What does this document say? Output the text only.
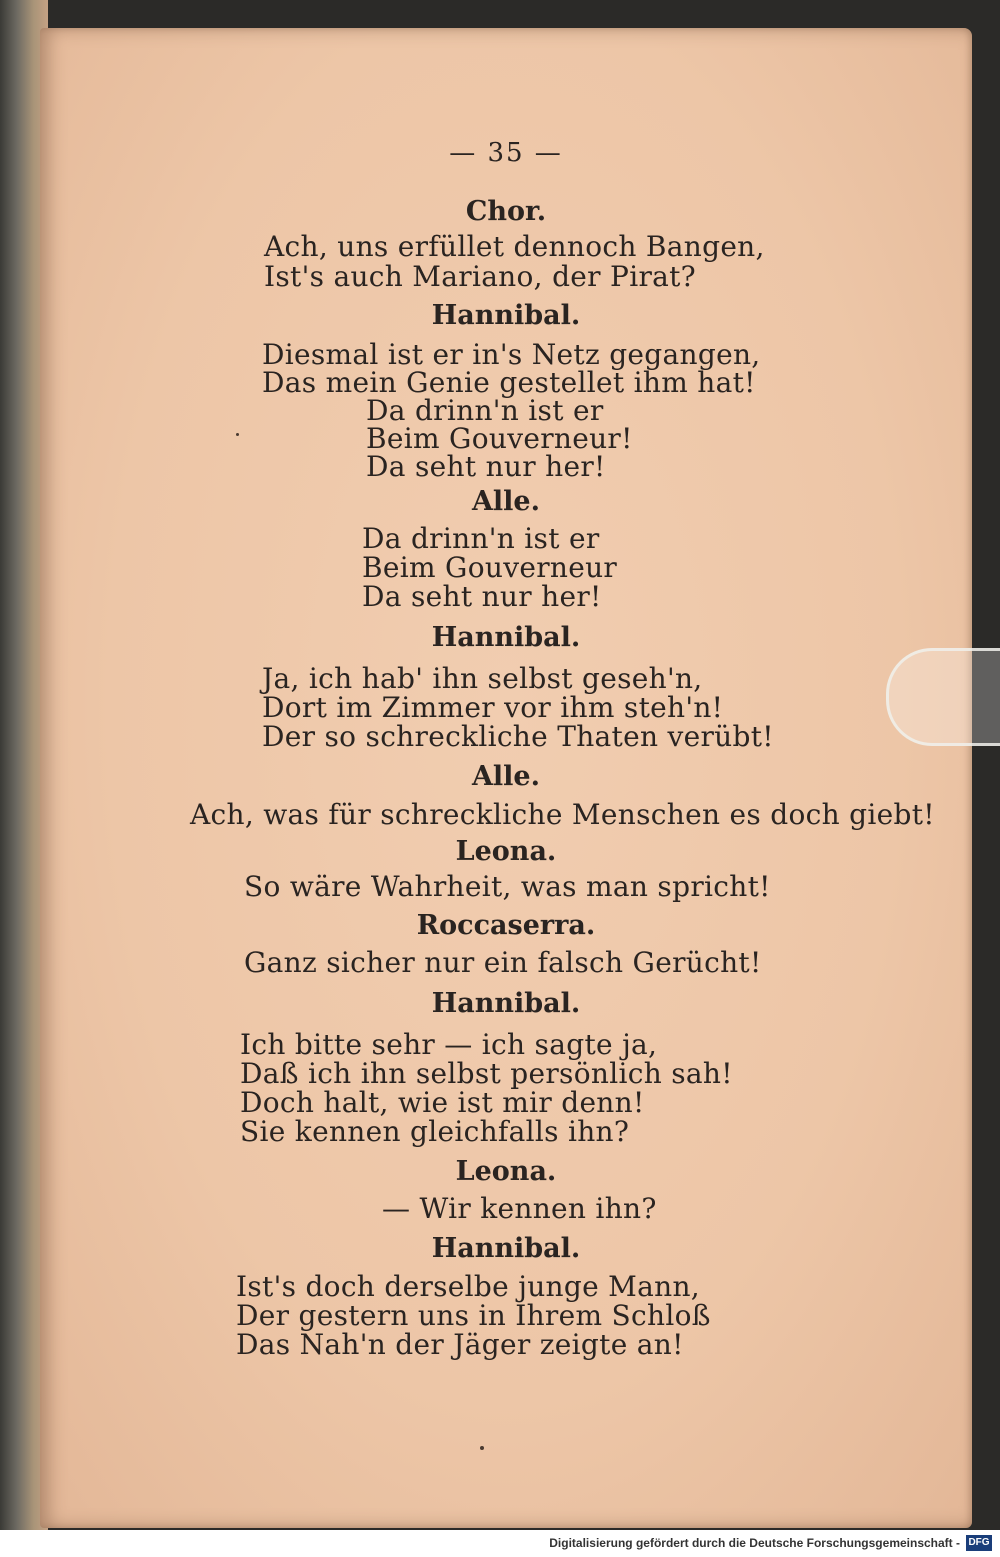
— 35 —
Chor.
Ach, uns erfüllet dennoch Bangen,
Ist's auch Mariano, der Pirat?
Hannibal.
Diesmal ist er in's Netz gegangen,
Das mein Genie gestellet ihm hat!
Da drinn'n ist er
Beim Gouverneur!
Da seht nur her!
Alle.
Da drinn'n ist er
Beim Gouverneur
Da seht nur her!
Hannibal.
Ja, ich hab' ihn selbst geseh'n,
Dort im Zimmer vor ihm steh'n!
Der so schreckliche Thaten verübt!
Alle.
Ach, was für schreckliche Menschen es doch giebt!
Leona.
So wäre Wahrheit, was man spricht!
Roccaserra.
Ganz sicher nur ein falsch Gerücht!
Hannibal.
Ich bitte sehr — ich sagte ja,
Daß ich ihn selbst persönlich sah!
Doch halt, wie ist mir denn!
Sie kennen gleichfalls ihn?
Leona.
— Wir kennen ihn?
Hannibal.
Ist's doch derselbe junge Mann,
Der gestern uns in Ihrem Schloß
Das Nah'n der Jäger zeigte an!
Digitalisierung gefördert durch die Deutsche Forschungsgemeinschaft - DFG
